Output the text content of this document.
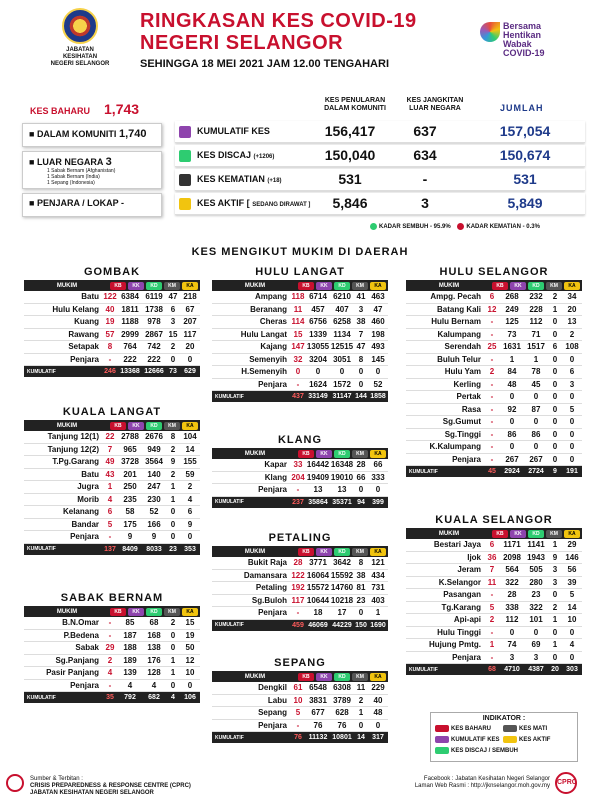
JABATAN KESIHATAN
NEGERI SELANGOR
RINGKASAN KES COVID-19
NEGERI SELANGOR
SEHINGGA 18 MEI 2021 JAM 12.00 TENGAHARI
Bersama
Hentikan
Wabak
COVID-19
KES BAHARU 1,743
■ DALAM KOMUNITI 1,740
■ LUAR NEGARA 3
1 Sabak Bernam (Afghanistan)
1 Sabak Bernam (India)
1 Sepang (Indonesia)
■ PENJARA / LOKAP -
KES PENULARAN DALAM KOMUNITI
KES JANGKITAN LUAR NEGARA	JUMLAH
KUMULATIF KES	156,417	637	157,054
KES DISCAJ (+1206)	150,040	634	150,674
KES KEMATIAN (+18)	531	-	531
KES AKTIF [ SEDANG DIRAWAT ]	5,846	3	5,849
KADAR SEMBUH - 95.9%	KADAR KEMATIAN - 0.3%
KES MENGIKUT MUKIM DI DAERAH
GOMBAK
MUKIM	KB	KK	KD	KM	KA
Batu 122 6384 6119 47 218
Hulu Kelang 40 1811 1738 6	67
Kuang 19 1188	978	3	207
Rawang 57 2999 2867 15 117
Setapak	8	764	742	2	20
Penjara	-	222	222	0	0
KUMULATIF	246 13368 12666 73	629
HULU LANGAT
MUKIM	KB	KK	KD	KM	KA
Ampang 118 6714 6210 41 463
Beranang 11	457	407	3	47
Cheras 114 6756 6258 38 460
Hulu Langat 15 1339 1134	7	198
Kajang 147 13055 12515 47 493
Semenyih 32 3204 3051 8	145
H.Semenyih	0	0	0	0	0
Penjara	-	1624 1572 0	52
KUMULATIF	437 33149 31147 144 1858
HULU SELANGOR
MUKIM	KB	KK	KD	KM	KA
Ampg. Pecah	6	268	232	2	34
Batang Kali 12	249	228	1	20
Hulu Bernam	-	125	112	0	13
Kalumpang	-	73	71	0	2
Serendah 25 1631 1517 6	108
Buluh Telur	-	1	1	0	0
Hulu Yam	2	84	78	0	6
Kerling	-	48	45	0	3
Pertak	-	0	0	0	0
Rasa	-	92	87	0	5
Sg.Gumut	-	0	0	0	0
Sg.Tinggi	-	86	86	0	0
K.Kalumpang	-	0	0	0	0
Penjara	-	267	267	0	0
KUMULATIF	45	2924	2724	9	191
KUALA LANGAT
MUKIM	KB	KK	KD	KM	KA
Tanjung 12(1) 22 2788 2676 8	104
Tanjung 12(2)	7	965	949	2	14
T.Pg.Garang 49 3728 3564 9	155
Batu 43	201	140	2	59
Jugra	1	250	247	1	2
Morib	4	235	230	1	4
Kelanang	6	58	52	0	6
Bandar	5	175	166	0	9
Penjara	-	9	9	0	0
KUMULATIF	137 8409	8033	23	353
KLANG
MUKIM	KB	KK	KD	KM	KA
Kapar 33 16442 16348 28	66
Klang 204 19409 19010 66 333
Penjara	-	13	13	0	0
KUMULATIF	237 35864 35371 94	399
PETALING
MUKIM	KB	KK	KD	KM	KA
Bukit Raja 28 3771 3642 8	121
Damansara 122 16064 15592 38 434
Petaling 192 15572 14760 81 731
Sg.Buloh 117 10644 10218 23 403
Penjara	-	18	17	0	1
KUMULATIF	459 46069 44229 150 1690
KUALA SELANGOR
MUKIM	KB	KK	KD	KM	KA
Bestari Jaya	6	1171 1141	1	29
Ijok 36 2098 1943 9	146
Jeram	7	564	505	3	56
K.Selangor 11	322	280	3	39
Pasangan	-	28	23	0	5
Tg.Karang	5	338	322	2	14
Api-api	2	112	101	1	10
Hulu Tinggi	-	0	0	0	0
Hujung Pmtg.	1	74	69	1	4
Penjara	-	3	3	0	0
KUMULATIF	68	4710	4387	20	303
SABAK BERNAM
MUKIM	KB	KK	KD	KM	KA
B.N.Omar	-	85	68	2	15
P.Bedena	-	187	168	0	19
Sabak 29	188	138	0	50
Sg.Panjang	2	189	176	1	12
Pasir Panjang	4	139	128	1	10
Penjara	-	4	4	0	0
KUMULATIF	35	792	682	4	106
SEPANG
MUKIM	KB	KK	KD	KM	KA
Dengkil 61 6548 6308 11 229
Labu 10 3831 3789 2	40
Sepang	5	677	628	1	48
Penjara	-	76	76	0	0
KUMULATIF	76 11132 10801 14	317
INDIKATOR :
KES BAHARU	KES MATI
KUMULATIF KES	KES AKTIF
KES DISCAJ / SEMBUH
Sumber & Terbitan :
CRISIS PREPAREDNESS & RESPONSE CENTRE (CPRC)
JABATAN KESIHATAN NEGERI SELANGOR
Facebook : Jabatan Kesihatan Negeri Selangor
Laman Web Rasmi : http://jknselangor.moh.gov.my CPRC
